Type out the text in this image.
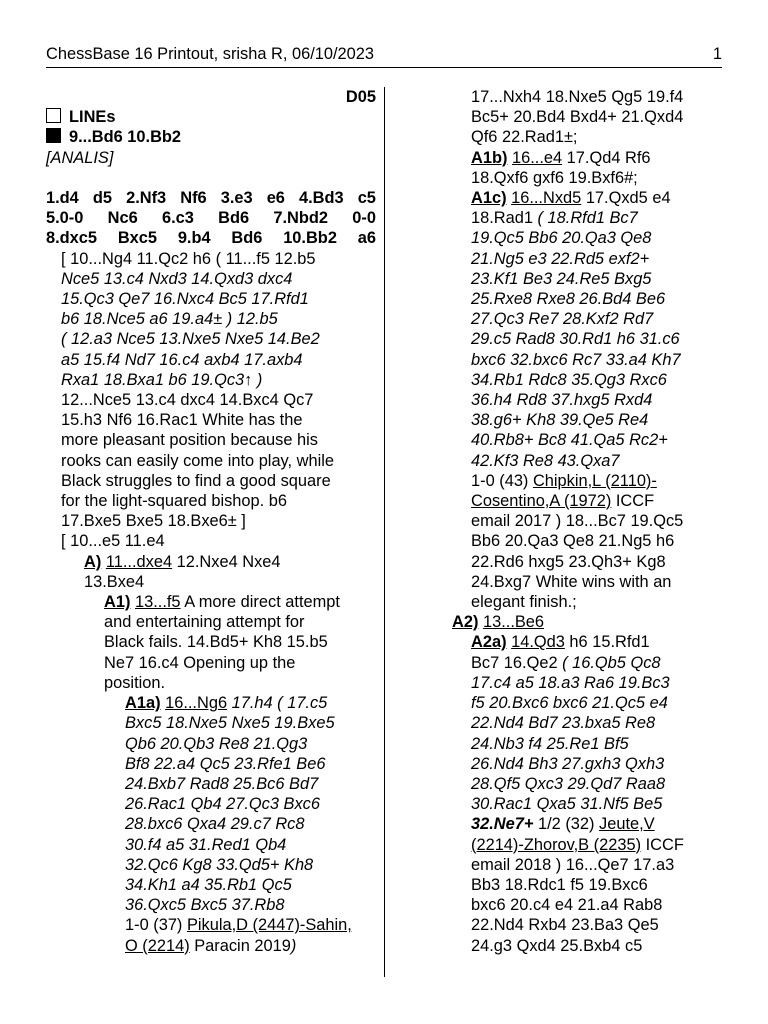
ChessBase 16 Printout, srisha R, 06/10/2023	1
D05
LINEs
9...Bd6 10.Bb2
[ANALIS]

1.d4 d5 2.Nf3 Nf6 3.e3 e6 4.Bd3 c5
5.0-0 Nc6 6.c3 Bd6 7.Nbd2 0-0
8.dxc5 Bxc5 9.b4 Bd6 10.Bb2 a6
[ 10...Ng4 11.Qc2 h6 ( 11...f5 12.b5
Nce5 13.c4 Nxd3 14.Qxd3 dxc4
15.Qc3 Qe7 16.Nxc4 Bc5 17.Rfd1
b6 18.Nce5 a6 19.a4± ) 12.b5
( 12.a3 Nce5 13.Nxe5 Nxe5 14.Be2
a5 15.f4 Nd7 16.c4 axb4 17.axb4
Rxa1 18.Bxa1 b6 19.Qc3↑ )
12...Nce5 13.c4 dxc4 14.Bxc4 Qc7
15.h3 Nf6 16.Rac1 White has the
more pleasant position because his
rooks can easily come into play, while
Black struggles to find a good square
for the light-squared bishop. b6
17.Bxe5 Bxe5 18.Bxe6± ]
[ 10...e5 11.e4
A) 11...dxe4 12.Nxe4 Nxe4
13.Bxe4
A1) 13...f5 A more direct attempt
and entertaining attempt for
Black fails. 14.Bd5+ Kh8 15.b5
Ne7 16.c4 Opening up the
position.
A1a) 16...Ng6 17.h4 ( 17.c5
Bxc5 18.Nxe5 Nxe5 19.Bxe5
Qb6 20.Qb3 Re8 21.Qg3
Bf8 22.a4 Qc5 23.Rfe1 Be6
24.Bxb7 Rad8 25.Bc6 Bd7
26.Rac1 Qb4 27.Qc3 Bxc6
28.bxc6 Qxa4 29.c7 Rc8
30.f4 a5 31.Red1 Qb4
32.Qc6 Kg8 33.Qd5+ Kh8
34.Kh1 a4 35.Rb1 Qc5
36.Qxc5 Bxc5 37.Rb8
1-0 (37) Pikula,D (2447)-Sahin,
O (2214) Paracin 2019)
17...Nxh4 18.Nxe5 Qg5 19.f4
Bc5+ 20.Bd4 Bxd4+ 21.Qxd4
Qf6 22.Rad1±;
A1b) 16...e4 17.Qd4 Rf6
18.Qxf6 gxf6 19.Bxf6#;
A1c) 16...Nxd5 17.Qxd5 e4
18.Rad1 ( 18.Rfd1 Bc7
19.Qc5 Bb6 20.Qa3 Qe8
21.Ng5 e3 22.Rd5 exf2+
23.Kf1 Be3 24.Re5 Bxg5
25.Rxe8 Rxe8 26.Bd4 Be6
27.Qc3 Re7 28.Kxf2 Rd7
29.c5 Rad8 30.Rd1 h6 31.c6
bxc6 32.bxc6 Rc7 33.a4 Kh7
34.Rb1 Rdc8 35.Qg3 Rxc6
36.h4 Rd8 37.hxg5 Rxd4
38.g6+ Kh8 39.Qe5 Re4
40.Rb8+ Bc8 41.Qa5 Rc2+
42.Kf3 Re8 43.Qxa7
1-0 (43) Chipkin,L (2110)-
Cosentino,A (1972) ICCF
email 2017 ) 18...Bc7 19.Qc5
Bb6 20.Qa3 Qe8 21.Ng5 h6
22.Rd6 hxg5 23.Qh3+ Kg8
24.Bxg7 White wins with an
elegant finish.;
A2) 13...Be6
A2a) 14.Qd3 h6 15.Rfd1
Bc7 16.Qe2 ( 16.Qb5 Qc8
17.c4 a5 18.a3 Ra6 19.Bc3
f5 20.Bxc6 bxc6 21.Qc5 e4
22.Nd4 Bd7 23.bxa5 Re8
24.Nb3 f4 25.Re1 Bf5
26.Nd4 Bh3 27.gxh3 Qxh3
28.Qf5 Qxc3 29.Qd7 Raa8
30.Rac1 Qxa5 31.Nf5 Be5
32.Ne7+ 1/2 (32) Jeute,V
(2214)-Zhorov,B (2235) ICCF
email 2018 ) 16...Qe7 17.a3
Bb3 18.Rdc1 f5 19.Bxc6
bxc6 20.c4 e4 21.a4 Rab8
22.Nd4 Rxb4 23.Ba3 Qe5
24.g3 Qxd4 25.Bxb4 c5
